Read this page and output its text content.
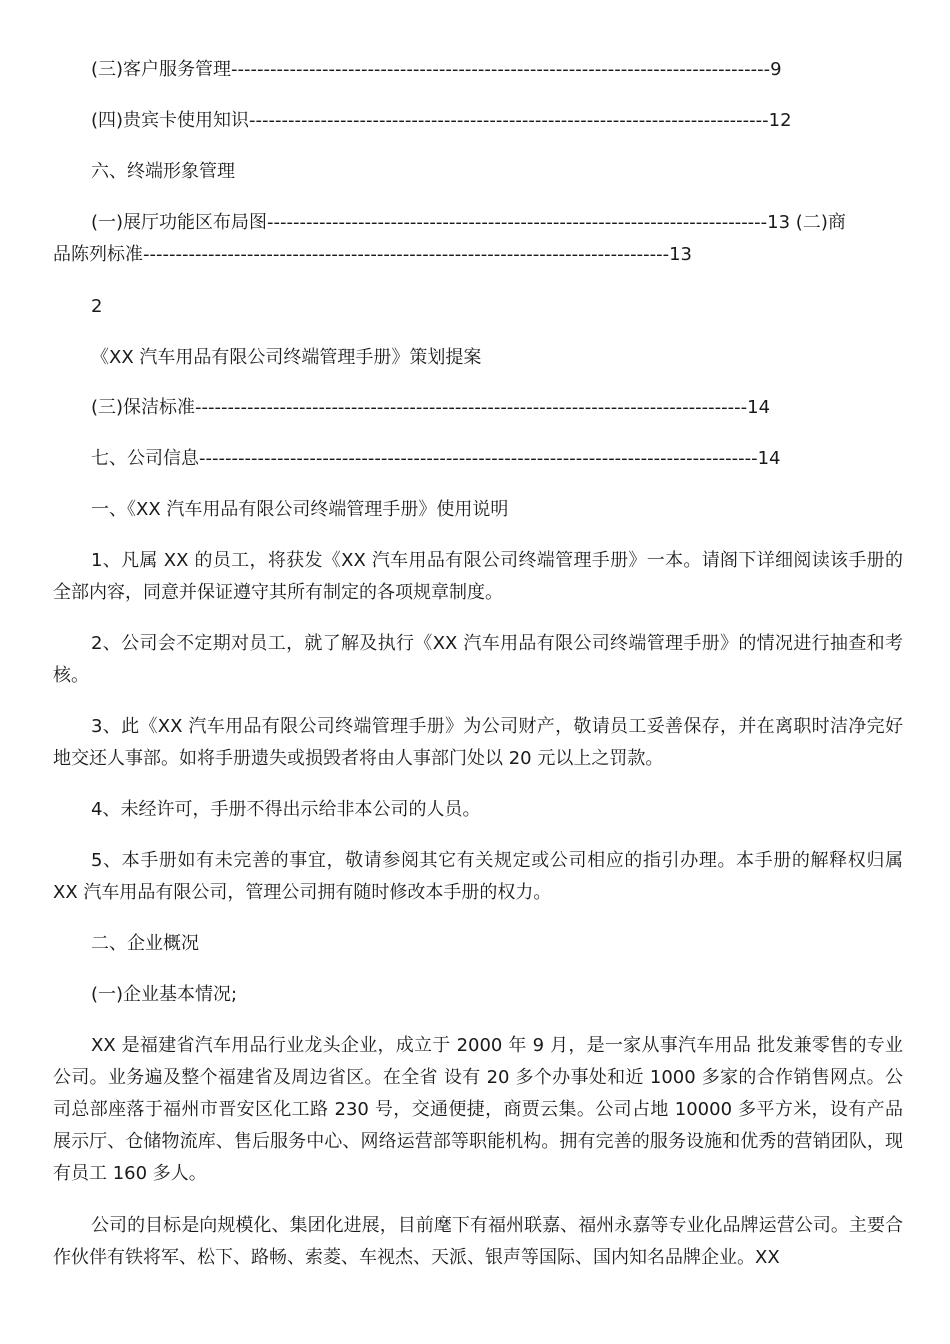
(三)客户服务管理-----------------------------------------------------------------------------------9
(四)贵宾卡使用知识--------------------------------------------------------------------------------12
六、终端形象管理
(一)展厅功能区布局图-----------------------------------------------------------------------------13 (二)商
品陈列标准---------------------------------------------------------------------------------13
2
《XX 汽车用品有限公司终端管理手册》策划提案
(三)保洁标准-------------------------------------------------------------------------------------14
七、公司信息--------------------------------------------------------------------------------------14
一、《XX 汽车用品有限公司终端管理手册》使用说明
1、凡属 XX 的员工，将获发《XX 汽车用品有限公司终端管理手册》一本。请阁下详细阅读该手册的全部内容，同意并保证遵守其所有制定的各项规章制度。
2、公司会不定期对员工，就了解及执行《XX 汽车用品有限公司终端管理手册》的情况进行抽查和考核。
3、此《XX 汽车用品有限公司终端管理手册》为公司财产，敬请员工妥善保存，并在离职时洁净完好地交还人事部。如将手册遗失或损毁者将由人事部门处以 20 元以上之罚款。
4、未经许可，手册不得出示给非本公司的人员。
5、本手册如有未完善的事宜，敬请参阅其它有关规定或公司相应的指引办理。本手册的解释权归属 XX 汽车用品有限公司，管理公司拥有随时修改本手册的权力。
二、企业概况
(一)企业基本情况;
XX 是福建省汽车用品行业龙头企业，成立于 2000 年 9 月，是一家从事汽车用品 批发兼零售的专业公司。业务遍及整个福建省及周边省区。在全省 设有 20 多个办事处和近 1000 多家的合作销售网点。公司总部座落于福州市晋安区化工路 230 号，交通便捷，商贾云集。公司占地 10000 多平方米，设有产品展示厅、仓储物流库、售后服务中心、网络运营部等职能机构。拥有完善的服务设施和优秀的营销团队，现有员工 160 多人。
公司的目标是向规模化、集团化进展，目前麾下有福州联嘉、福州永嘉等专业化品牌运营公司。主要合作伙伴有铁将军、松下、路畅、索菱、车视杰、天派、银声等国际、国内知名品牌企业。XX
